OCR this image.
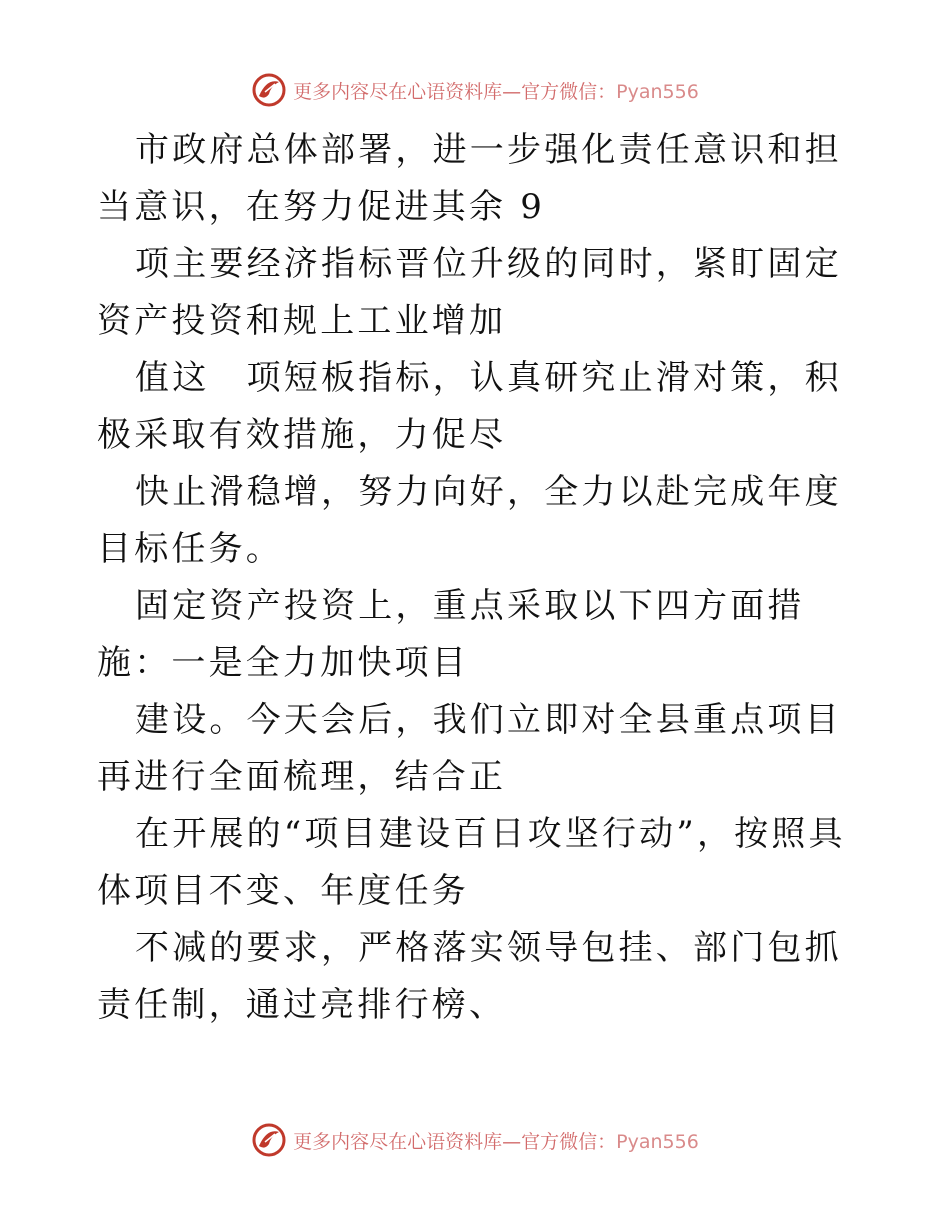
更多内容尽在心语资料库—官方微信：Pyan556

市政府总体部署，进一步强化责任意识和担当意识，在努力促进其余 9

项主要经济指标晋位升级的同时，紧盯固定资产投资和规上工业增加

值这　项短板指标，认真研究止滑对策，积极采取有效措施，力促尽

快止滑稳增，努力向好，全力以赴完成年度目标任务。

固定资产投资上，重点采取以下四方面措施：一是全力加快项目

建设。今天会后，我们立即对全县重点项目再进行全面梳理，结合正

在开展的“项目建设百日攻坚行动”，按照具体项目不变、年度任务

不减的要求，严格落实领导包挂、部门包抓责任制，通过亮排行榜、

更多内容尽在心语资料库—官方微信：Pyan556
